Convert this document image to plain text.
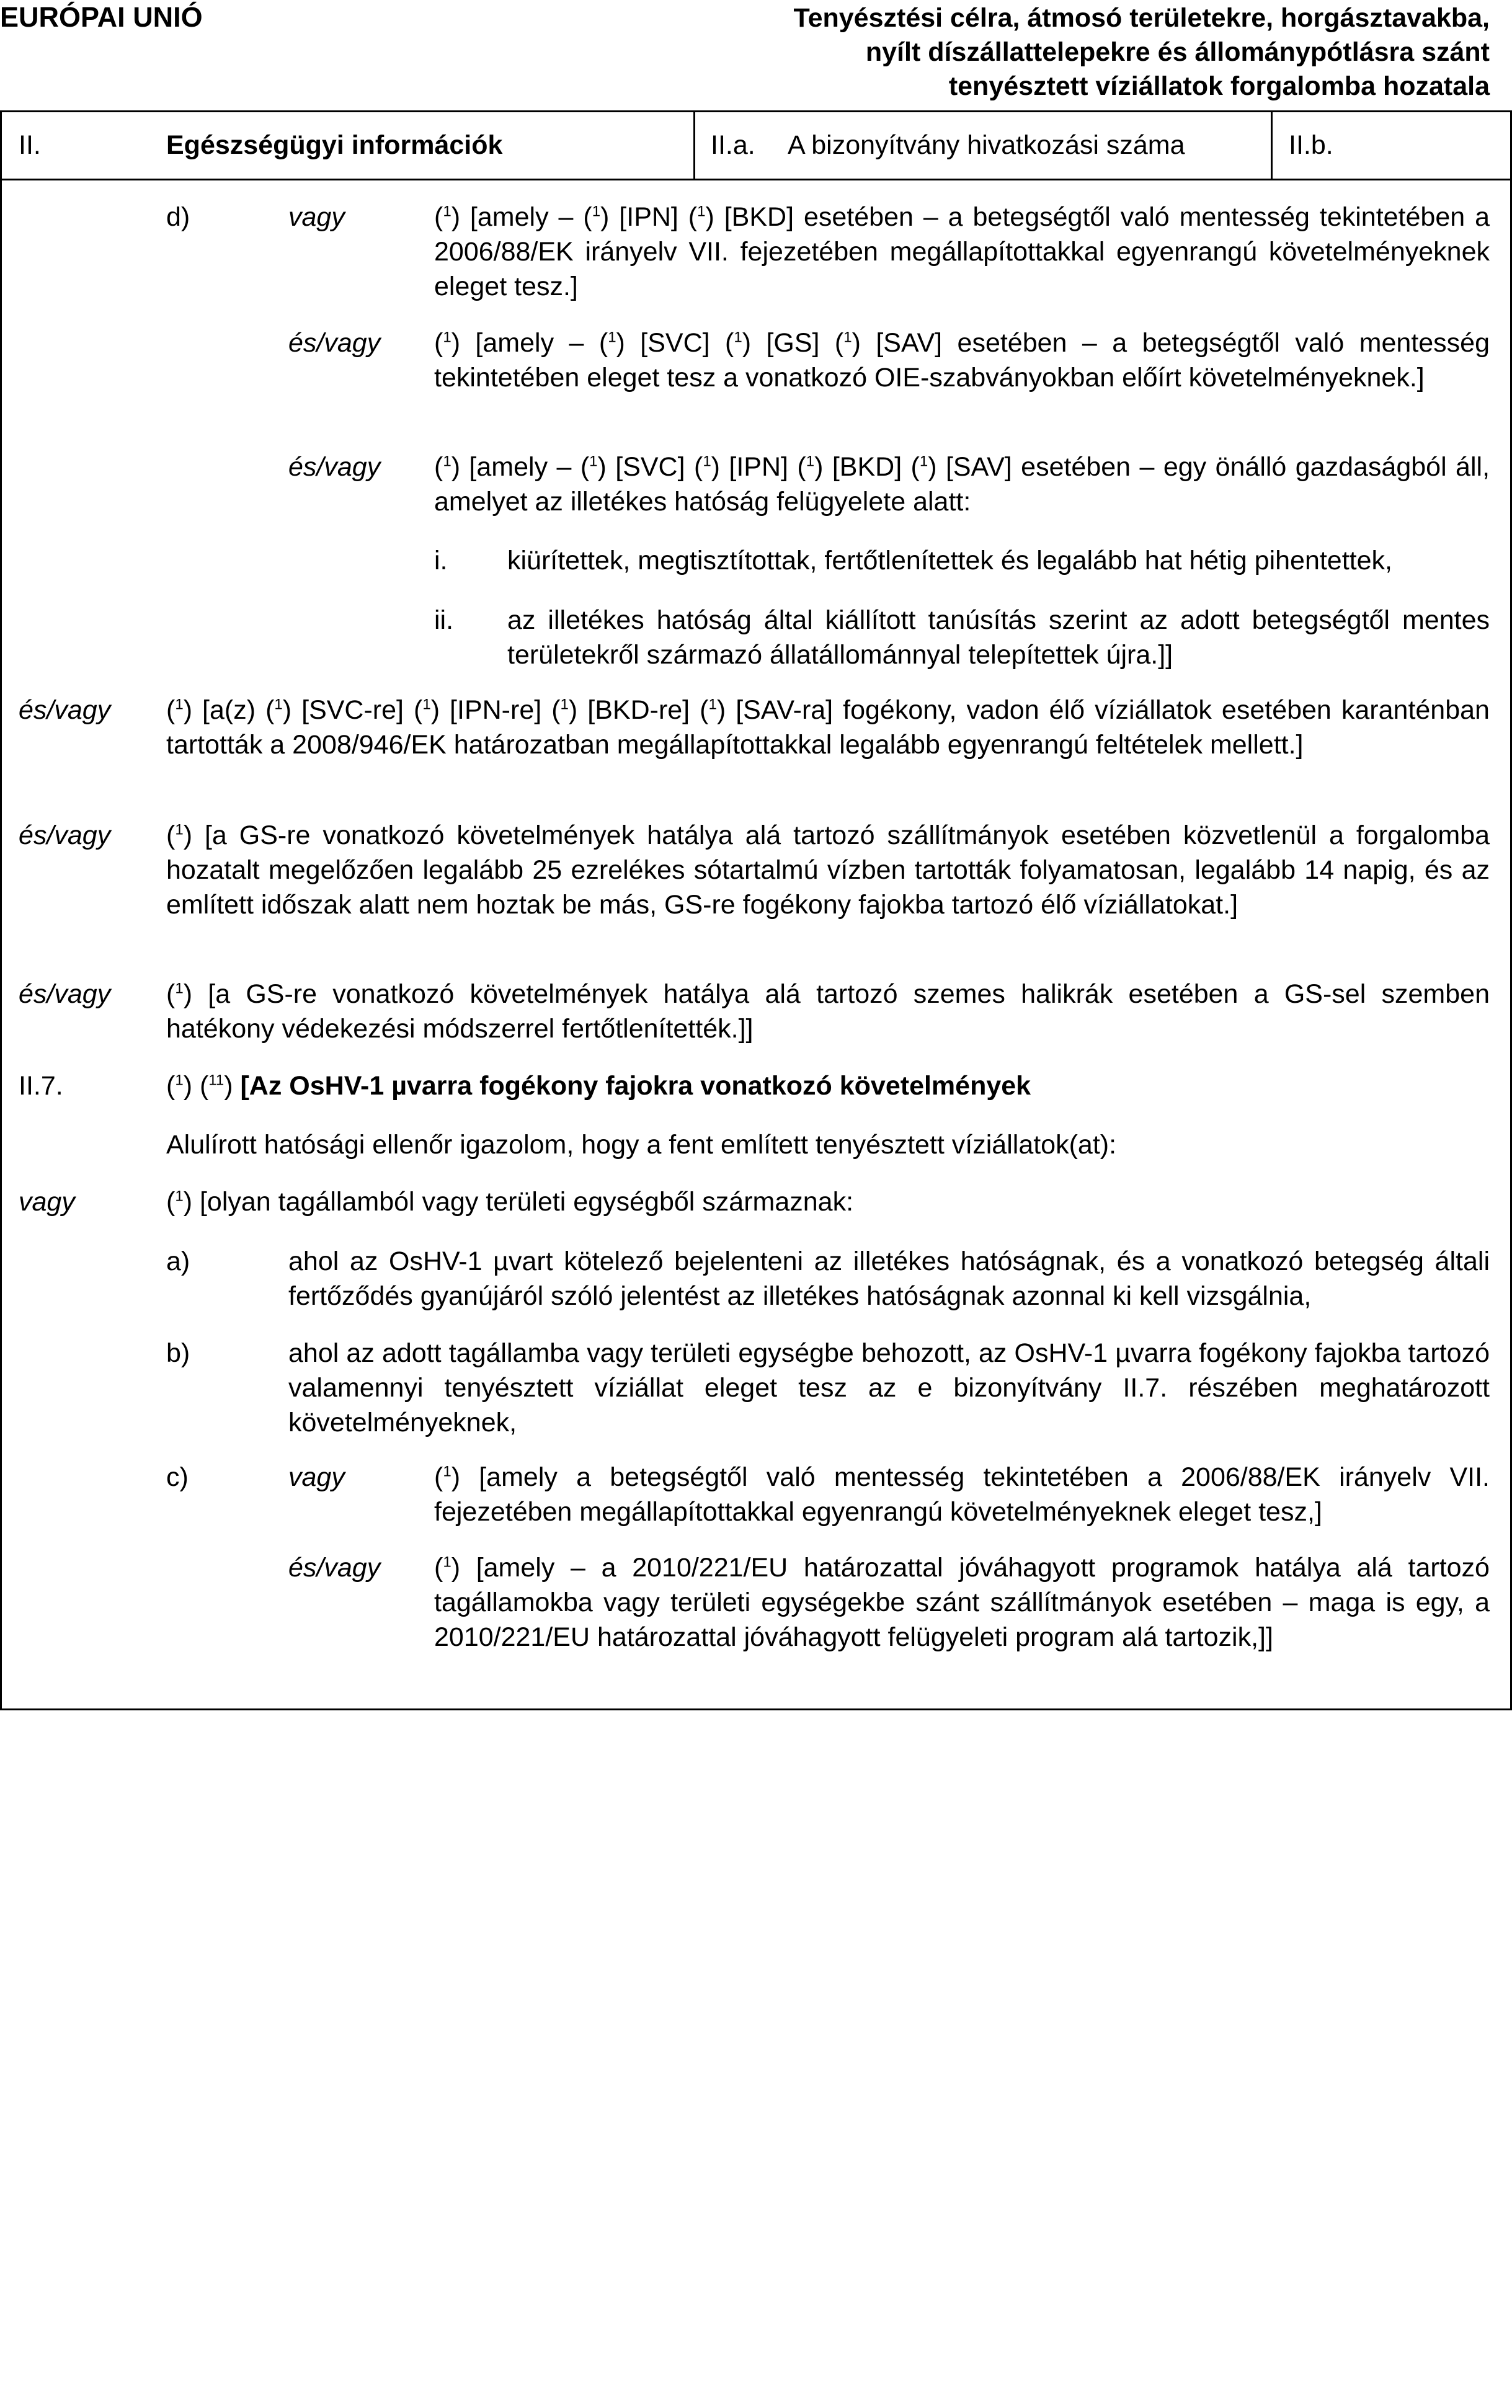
EURÓPAI UNIÓ	Tenyésztési célra, átmosó területekre, horgásztavakba,
nyílt díszállattelepekre és állománypótlásra szánt
tenyésztett víziállatok forgalomba hozatala
II.	Egészségügyi információk	II.a. A bizonyítvány hivatkozási száma	II.b.
d)	vagy	($^1$) [amely – ($^1$) [IPN] ($^1$) [BKD] esetében – a betegségtől való mentesség tekintetében a 2006/88/EK irányelv VII. fejezetében megállapítottakkal egyenrangú követelményeknek eleget tesz.]
és/vagy ($^1$) [amely – ($^1$) [SVC] ($^1$) [GS] ($^1$) [SAV] esetében – a betegségtől való mentesség tekintetében eleget tesz a vonatkozó OIE-szabványokban előírt követelményeknek.]
és/vagy ($^1$) [amely – ($^1$) [SVC] ($^1$) [IPN] ($^1$) [BKD] ($^1$) [SAV] esetében – egy önálló gazdaságból áll, amelyet az illetékes hatóság felügyelete alatt:
i. kiürítettek, megtisztítottak, fertőtlenítettek és legalább hat hétig pihentettek,
ii. az illetékes hatóság által kiállított tanúsítás szerint az adott betegségtől mentes területekről származó állatállománnyal telepítettek újra.]]
és/vagy ($^1$) [a(z) ($^1$) [SVC-re] ($^1$) [IPN-re] ($^1$) [BKD-re] ($^1$) [SAV-ra] fogékony, vadon élő víziállatok esetében karanténban tartották a 2008/946/EK határozatban megállapítottakkal legalább egyenrangú feltételek mellett.]
és/vagy ($^1$) [a GS-re vonatkozó követelmények hatálya alá tartozó szállítmányok esetében közvetlenül a forgalomba hozatalt megelőzően legalább 25 ezrelékes sótartalmú vízben tartották folyamatosan, legalább 14 napig, és az említett időszak alatt nem hoztak be más, GS-re fogékony fajokba tartozó élő víziállatokat.]
és/vagy ($^1$) [a GS-re vonatkozó követelmények hatálya alá tartozó szemes halikrák esetében a GS-sel szemben hatékony védekezési módszerrel fertőtlenítették.]]
II.7.	($^1$) ($^{11}$) [Az OsHV-1 µvarra fogékony fajokra vonatkozó követelmények
Alulírott hatósági ellenőr igazolom, hogy a fent említett tenyésztett víziállatok(at):
vagy	($^1$) [olyan tagállamból vagy területi egységből származnak:
a)	ahol az OsHV-1 µvart kötelező bejelenteni az illetékes hatóságnak, és a vonatkozó betegség általi fertőződés gyanújáról szóló jelentést az illetékes hatóságnak azonnal ki kell vizsgálnia,
b)	ahol az adott tagállamba vagy területi egységbe behozott, az OsHV-1 µvarra fogékony fajokba tartozó valamennyi tenyésztett víziállat eleget tesz az e bizonyítvány II.7. részében meghatározott követelményeknek,
c)	vagy	($^1$) [amely a betegségtől való mentesség tekintetében a 2006/88/EK irányelv VII. fejezetében megállapítottakkal egyenrangú követelményeknek eleget tesz,]
és/vagy ($^1$) [amely – a 2010/221/EU határozattal jóváhagyott programok hatálya alá tartozó tagállamokba vagy területi egységekbe szánt szállítmányok esetében – maga is egy, a 2010/221/EU határozattal jóváhagyott felügyeleti program alá tartozik,]]
